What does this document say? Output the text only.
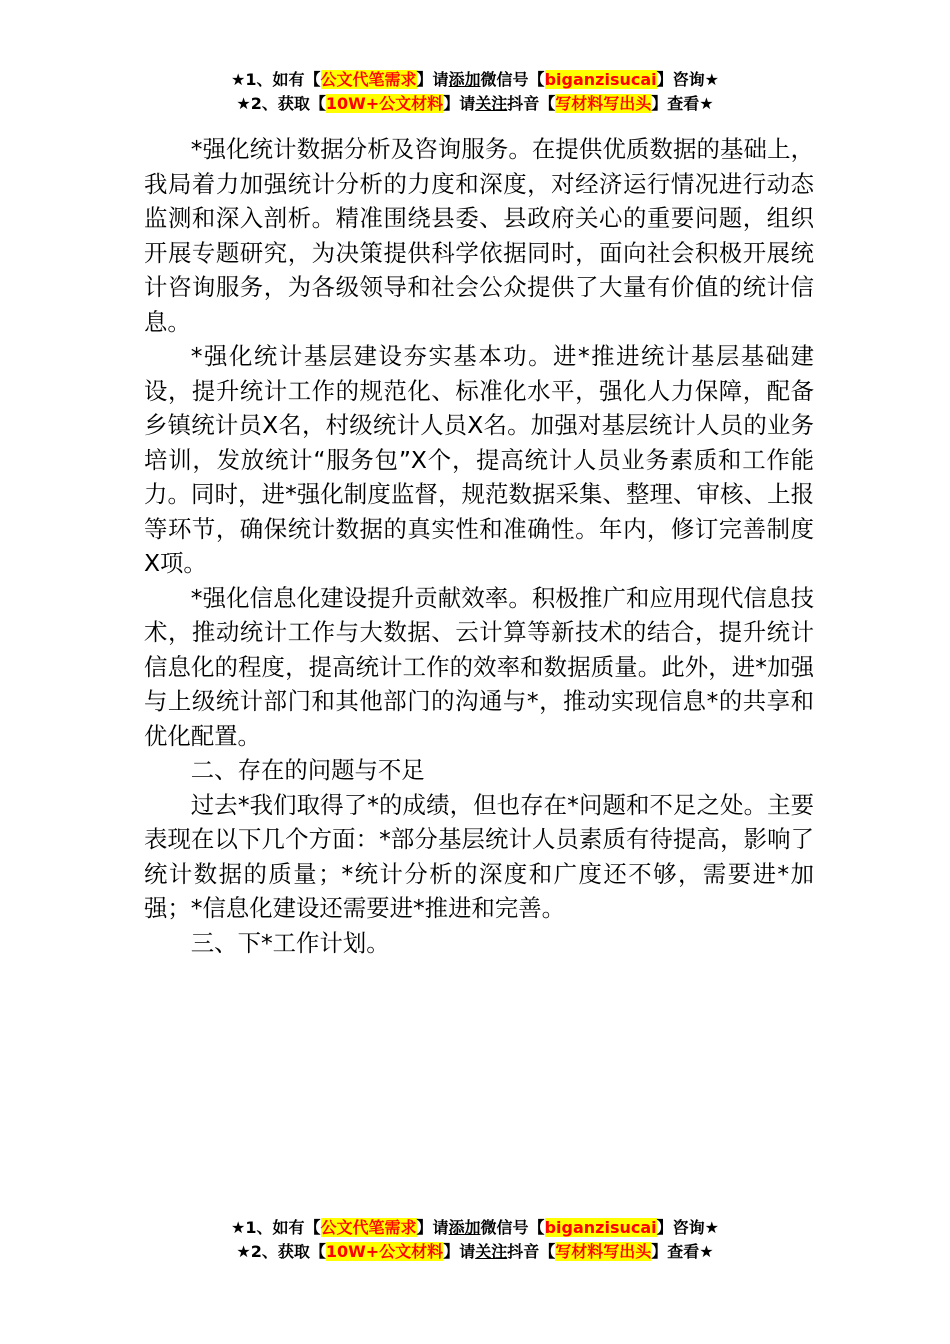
★1、如有【公文代笔需求】请添加微信号【biganzisucai】咨询★
★2、获取【10W+公文材料】请关注抖音【写材料写出头】查看★

*强化统计数据分析及咨询服务。在提供优质数据的基础上，我局着力加强统计分析的力度和深度，对经济运行情况进行动态监测和深入剖析。精准围绕县委、县政府关心的重要问题，组织开展专题研究，为决策提供科学依据同时，面向社会积极开展统计咨询服务，为各级领导和社会公众提供了大量有价值的统计信息。

*强化统计基层建设夯实基本功。进*推进统计基层基础建设，提升统计工作的规范化、标准化水平，强化人力保障，配备乡镇统计员X名，村级统计人员X名。加强对基层统计人员的业务培训，发放统计“服务包”X个，提高统计人员业务素质和工作能力。同时，进*强化制度监督，规范数据采集、整理、审核、上报等环节，确保统计数据的真实性和准确性。年内，修订完善制度X项。

*强化信息化建设提升贡献效率。积极推广和应用现代信息技术，推动统计工作与大数据、云计算等新技术的结合，提升统计信息化的程度，提高统计工作的效率和数据质量。此外，进*加强与上级统计部门和其他部门的沟通与*，推动实现信息*的共享和优化配置。

二、存在的问题与不足

过去*我们取得了*的成绩，但也存在*问题和不足之处。主要表现在以下几个方面：*部分基层统计人员素质有待提高，影响了统计数据的质量；*统计分析的深度和广度还不够，需要进*加强；*信息化建设还需要进*推进和完善。

三、下*工作计划。

★1、如有【公文代笔需求】请添加微信号【biganzisucai】咨询★
★2、获取【10W+公文材料】请关注抖音【写材料写出头】查看★
